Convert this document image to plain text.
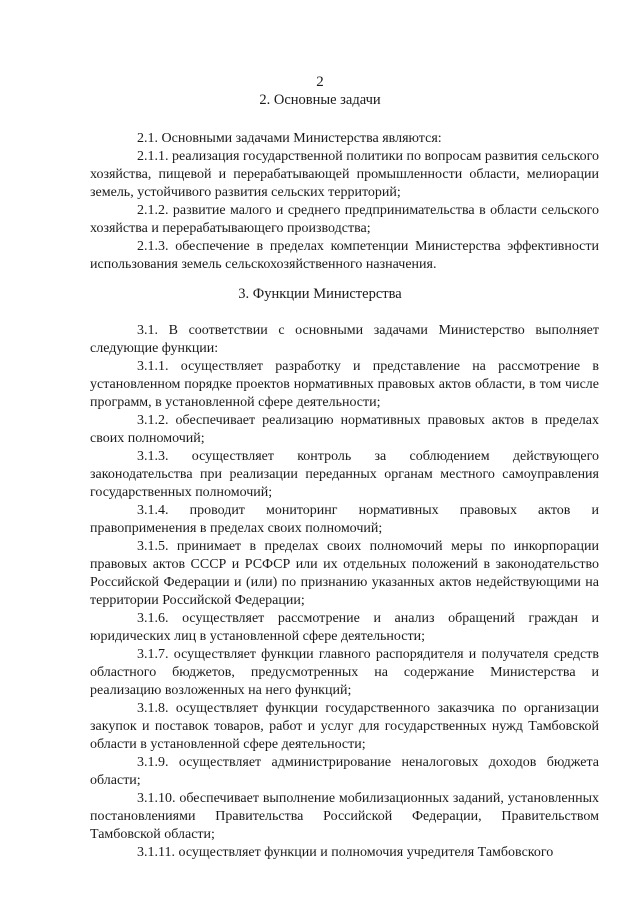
2
2. Основные задачи

2.1. Основными задачами Министерства являются:

2.1.1. реализация государственной политики по вопросам развития сельского хозяйства, пищевой и перерабатывающей промышленности области, мелиорации земель, устойчивого развития сельских территорий;

2.1.2. развитие малого и среднего предпринимательства в области сельского хозяйства и перерабатывающего производства;

2.1.3. обеспечение в пределах компетенции Министерства эффективности использования земель сельскохозяйственного назначения.

3. Функции Министерства

3.1. В соответствии с основными задачами Министерство выполняет следующие функции:

3.1.1. осуществляет разработку и представление на рассмотрение в установленном порядке проектов нормативных правовых актов области, в том числе программ, в установленной сфере деятельности;

3.1.2. обеспечивает реализацию нормативных правовых актов в пределах своих полномочий;

3.1.3. осуществляет контроль за соблюдением действующего законодательства при реализации переданных органам местного самоуправления государственных полномочий;

3.1.4. проводит мониторинг нормативных правовых актов и правоприменения в пределах своих полномочий;

3.1.5. принимает в пределах своих полномочий меры по инкорпорации правовых актов СССР и РСФСР или их отдельных положений в законодательство Российской Федерации и (или) по признанию указанных актов недействующими на территории Российской Федерации;

3.1.6. осуществляет рассмотрение и анализ обращений граждан и юридических лиц в установленной сфере деятельности;

3.1.7. осуществляет функции главного распорядителя и получателя средств областного бюджетов, предусмотренных на содержание Министерства и реализацию возложенных на него функций;

3.1.8. осуществляет функции государственного заказчика по организации закупок и поставок товаров, работ и услуг для государственных нужд Тамбовской области в установленной сфере деятельности;

3.1.9. осуществляет администрирование неналоговых доходов бюджета области;

3.1.10. обеспечивает выполнение мобилизационных заданий, установленных постановлениями Правительства Российской Федерации, Правительством Тамбовской области;

3.1.11. осуществляет функции и полномочия учредителя Тамбовского
